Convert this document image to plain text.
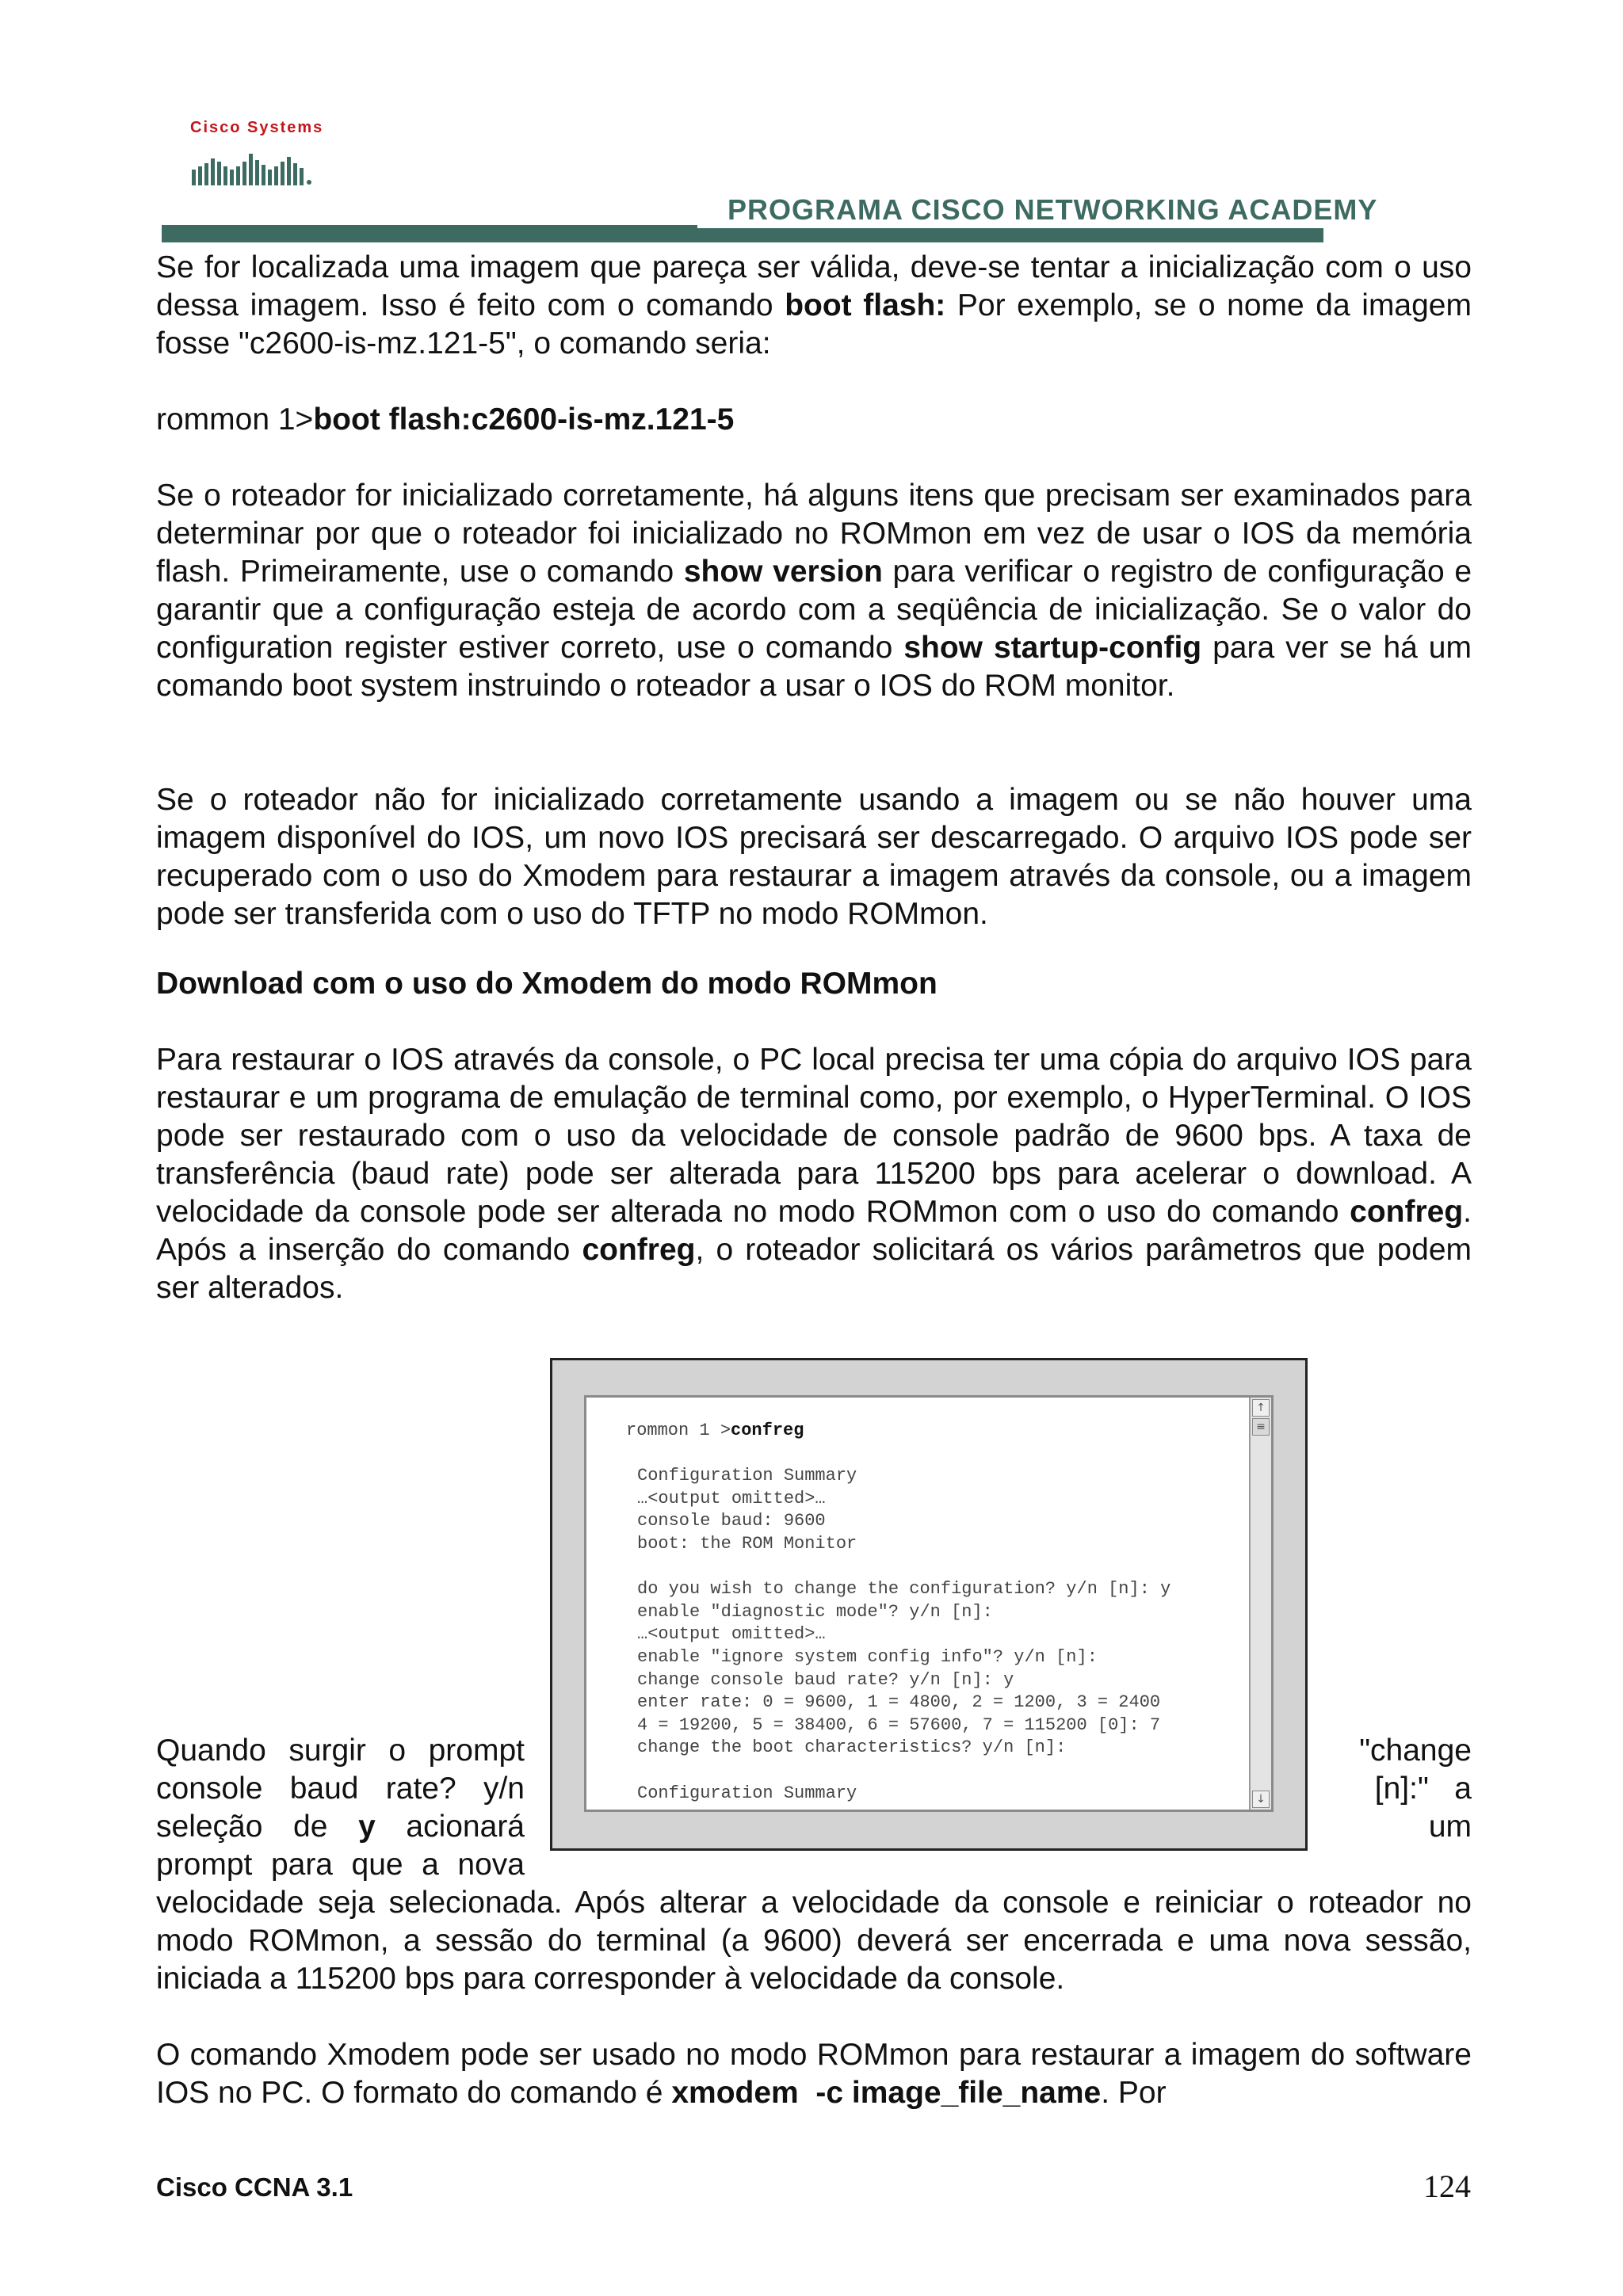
Cisco Systems
PROGRAMA CISCO NETWORKING ACADEMY

Se for localizada uma imagem que pareça ser válida, deve-se tentar a inicialização com o uso dessa imagem. Isso é feito com o comando boot flash: Por exemplo, se o nome da imagem fosse "c2600-is-mz.121-5", o comando seria:

rommon 1>boot flash:c2600-is-mz.121-5

Se o roteador for inicializado corretamente, há alguns itens que precisam ser examinados para determinar por que o roteador foi inicializado no ROMmon em vez de usar o IOS da memória flash. Primeiramente, use o comando show version para verificar o registro de configuração e garantir que a configuração esteja de acordo com a seqüência de inicialização. Se o valor do configuration register estiver correto, use o comando show startup-config para ver se há um comando boot system instruindo o roteador a usar o IOS do ROM monitor.

Se o roteador não for inicializado corretamente usando a imagem ou se não houver uma imagem disponível do IOS, um novo IOS precisará ser descarregado. O arquivo IOS pode ser recuperado com o uso do Xmodem para restaurar a imagem através da console, ou a imagem pode ser transferida com o uso do TFTP no modo ROMmon.

Download com o uso do Xmodem do modo ROMmon

Para restaurar o IOS através da console, o PC local precisa ter uma cópia do arquivo IOS para restaurar e um programa de emulação de terminal como, por exemplo, o HyperTerminal. O IOS pode ser restaurado com o uso da velocidade de console padrão de 9600 bps. A taxa de transferência (baud rate) pode ser alterada para 115200 bps para acelerar o download. A velocidade da console pode ser alterada no modo ROMmon com o uso do comando confreg. Após a inserção do comando confreg, o roteador solicitará os vários parâmetros que podem ser alterados.

rommon 1 >confreg
Configuration Summary
…<output omitted>…
console baud: 9600
boot: the ROM Monitor
do you wish to change the configuration? y/n [n]: y
enable "diagnostic mode"? y/n [n]:
…<output omitted>…
enable "ignore system config info"? y/n [n]:
change console baud rate? y/n [n]: y
enter rate: 0 = 9600, 1 = 4800, 2 = 1200, 3 = 2400
4 = 19200, 5 = 38400, 6 = 57600, 7 = 115200 [0]: 7
change the boot characteristics? y/n [n]:
Configuration Summary
↑
≡
↓

Quando surgir o prompt
console baud rate? y/n
seleção de y acionará
prompt para que a nova

"change
[n]:"   a
um

velocidade seja selecionada. Após alterar a velocidade da console e reiniciar o roteador no modo ROMmon, a sessão do terminal (a 9600) deverá ser encerrada e uma nova sessão, iniciada a 115200 bps para corresponder à velocidade da console.

O comando Xmodem pode ser usado no modo ROMmon para restaurar a imagem do software IOS no PC. O formato do comando é xmodem  -c image_file_name. Por

Cisco CCNA 3.1	124
